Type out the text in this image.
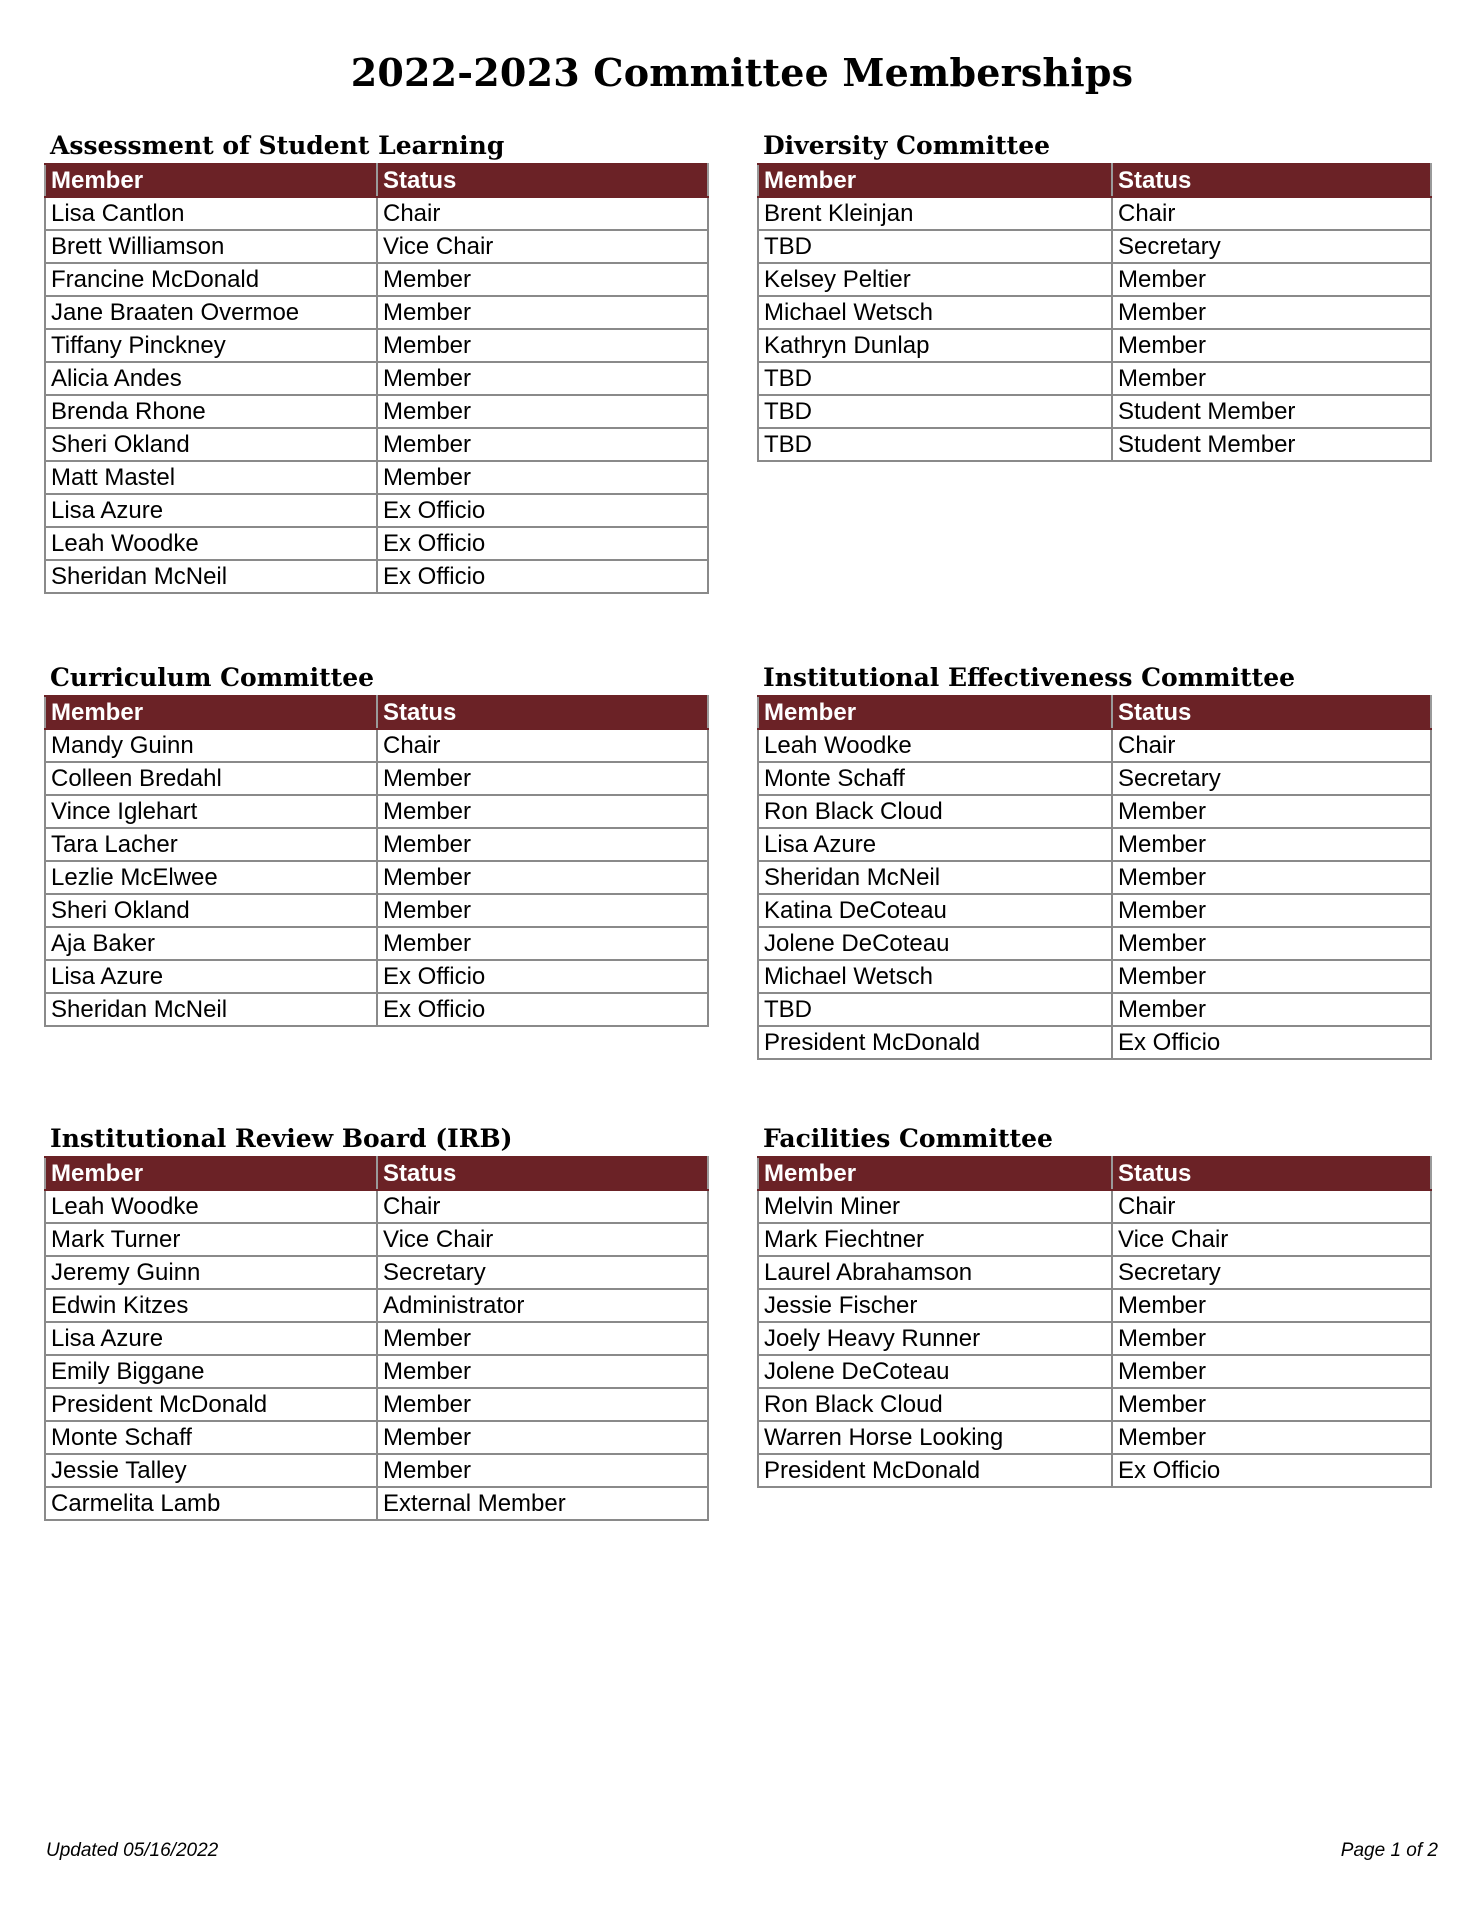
2022-2023 Committee Memberships
Assessment of Student Learning
Member	Status
Lisa Cantlon	Chair
Brett Williamson	Vice Chair
Francine McDonald	Member
Jane Braaten Overmoe	Member
Tiffany Pinckney	Member
Alicia Andes	Member
Brenda Rhone	Member
Sheri Okland	Member
Matt Mastel	Member
Lisa Azure	Ex Officio
Leah Woodke	Ex Officio
Sheridan McNeil	Ex Officio
Diversity Committee
Member	Status
Brent Kleinjan	Chair
TBD	Secretary
Kelsey Peltier	Member
Michael Wetsch	Member
Kathryn Dunlap	Member
TBD	Member
TBD	Student Member
TBD	Student Member
Curriculum Committee
Member	Status
Mandy Guinn	Chair
Colleen Bredahl	Member
Vince Iglehart	Member
Tara Lacher	Member
Lezlie McElwee	Member
Sheri Okland	Member
Aja Baker	Member
Lisa Azure	Ex Officio
Sheridan McNeil	Ex Officio
Institutional Effectiveness Committee
Member	Status
Leah Woodke	Chair
Monte Schaff	Secretary
Ron Black Cloud	Member
Lisa Azure	Member
Sheridan McNeil	Member
Katina DeCoteau	Member
Jolene DeCoteau	Member
Michael Wetsch	Member
TBD	Member
President McDonald	Ex Officio
Institutional Review Board (IRB)
Member	Status
Leah Woodke	Chair
Mark Turner	Vice Chair
Jeremy Guinn	Secretary
Edwin Kitzes	Administrator
Lisa Azure	Member
Emily Biggane	Member
President McDonald	Member
Monte Schaff	Member
Jessie Talley	Member
Carmelita Lamb	External Member
Facilities Committee
Member	Status
Melvin Miner	Chair
Mark Fiechtner	Vice Chair
Laurel Abrahamson	Secretary
Jessie Fischer	Member
Joely Heavy Runner	Member
Jolene DeCoteau	Member
Ron Black Cloud	Member
Warren Horse Looking	Member
President McDonald	Ex Officio
Updated 05/16/2022	Page 1 of 2
